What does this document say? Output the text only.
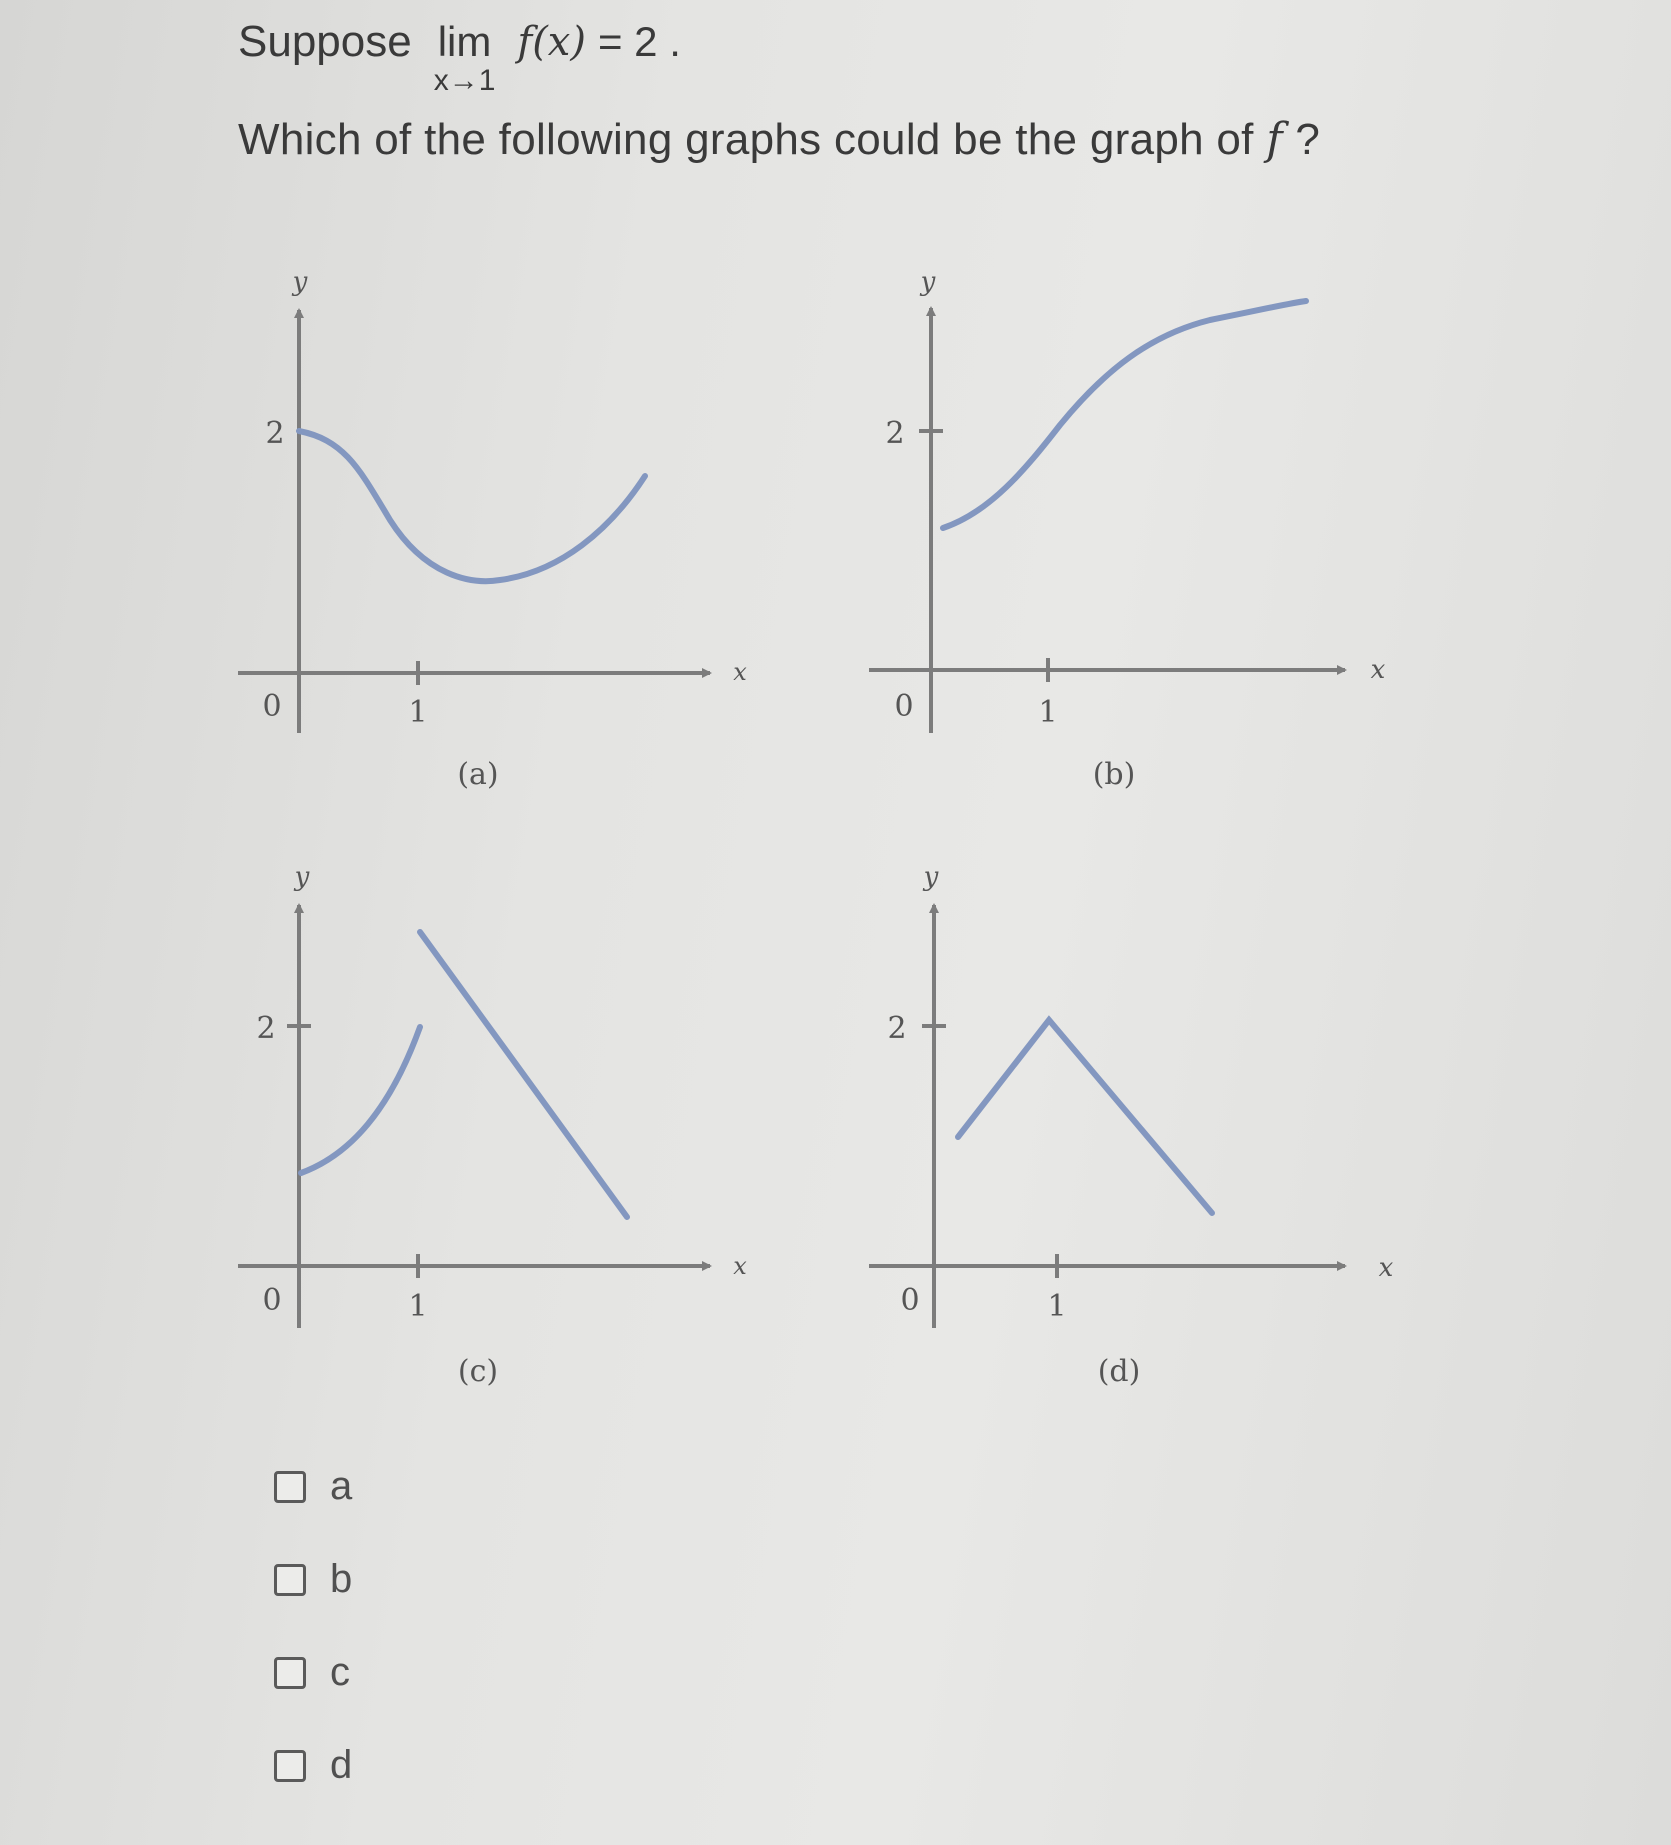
Suppose lim
x→1
f(x) = 2 .
Which of the following graphs could be the graph of f ?
y
2
0	1
x
(a)
y
2
0	1
x
(b)
y
2
0	1
x
(c)
y
2
0	1
x
(d)
a
b
c
d
